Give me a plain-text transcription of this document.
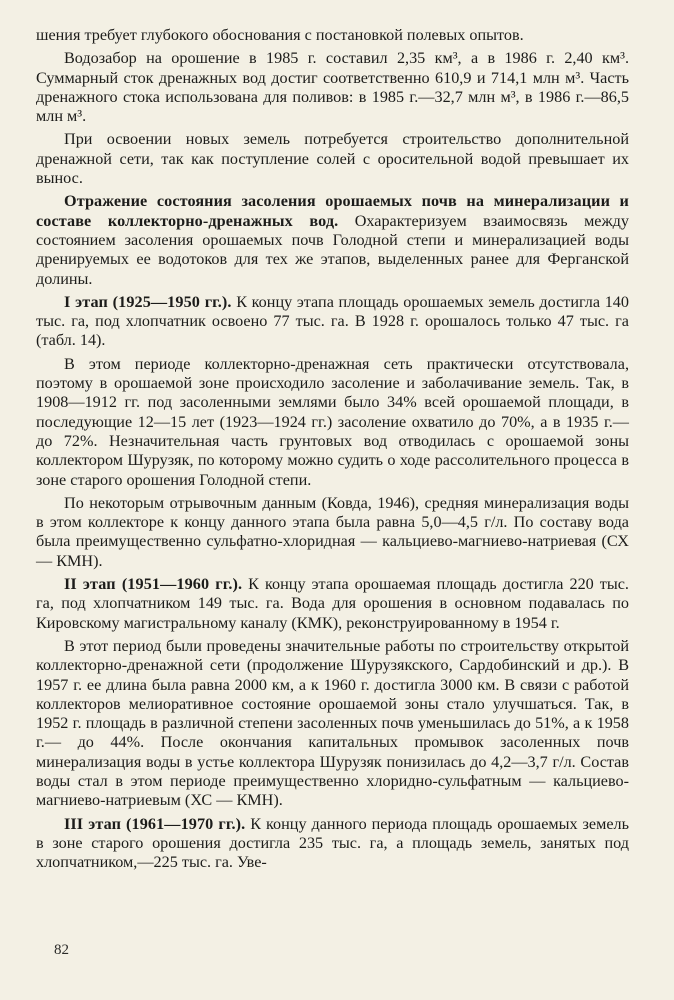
шения требует глубокого обоснования с постановкой полевых опытов.

Водозабор на орошение в 1985 г. составил 2,35 км³, а в 1986 г. 2,40 км³. Суммарный сток дренажных вод достиг соответственно 610,9 и 714,1 млн м³. Часть дренажного стока использована для поливов: в 1985 г.—32,7 млн м³, в 1986 г.—86,5 млн м³.

При освоении новых земель потребуется строительство дополнительной дренажной сети, так как поступление солей с оросительной водой превышает их вынос.

Отражение состояния засоления орошаемых почв на минерализации и составе коллекторно-дренажных вод. Охарактеризуем взаимосвязь между состоянием засоления орошаемых почв Голодной степи и минерализацией воды дренируемых ее водотоков для тех же этапов, выделенных ранее для Ферганской долины.

I этап (1925—1950 гг.). К концу этапа площадь орошаемых земель достигла 140 тыс. га, под хлопчатник освоено 77 тыс. га. В 1928 г. орошалось только 47 тыс. га (табл. 14).

В этом периоде коллекторно-дренажная сеть практически отсутствовала, поэтому в орошаемой зоне происходило засоление и заболачивание земель. Так, в 1908—1912 гг. под засоленными землями было 34% всей орошаемой площади, в последующие 12—15 лет (1923—1924 гг.) засоление охватило до 70%, а в 1935 г.— до 72%. Незначительная часть грунтовых вод отводилась с орошаемой зоны коллектором Шурузяк, по которому можно судить о ходе рассолительного процесса в зоне старого орошения Голодной степи.

По некоторым отрывочным данным (Ковда, 1946), средняя минерализация воды в этом коллекторе к концу данного этапа была равна 5,0—4,5 г/л. По составу вода была преимущественно сульфатно-хлоридная — кальциево-магниево-натриевая (СХ — КМН).

II этап (1951—1960 гг.). К концу этапа орошаемая площадь достигла 220 тыс. га, под хлопчатником 149 тыс. га. Вода для орошения в основном подавалась по Кировскому магистральному каналу (КМК), реконструированному в 1954 г.

В этот период были проведены значительные работы по строительству открытой коллекторно-дренажной сети (продолжение Шурузякского, Сардобинский и др.). В 1957 г. ее длина была равна 2000 км, а к 1960 г. достигла 3000 км. В связи с работой коллекторов мелиоративное состояние орошаемой зоны стало улучшаться. Так, в 1952 г. площадь в различной степени засоленных почв уменьшилась до 51%, а к 1958 г.— до 44%. После окончания капитальных промывок засоленных почв минерализация воды в устье коллектора Шурузяк понизилась до 4,2—3,7 г/л. Состав воды стал в этом периоде преимущественно хлоридно-сульфатным — кальциево-магниево-натриевым (ХС — КМН).

III этап (1961—1970 гг.). К концу данного периода площадь орошаемых земель в зоне старого орошения достигла 235 тыс. га, а площадь земель, занятых под хлопчатником,—225 тыс. га. Уве-

82
